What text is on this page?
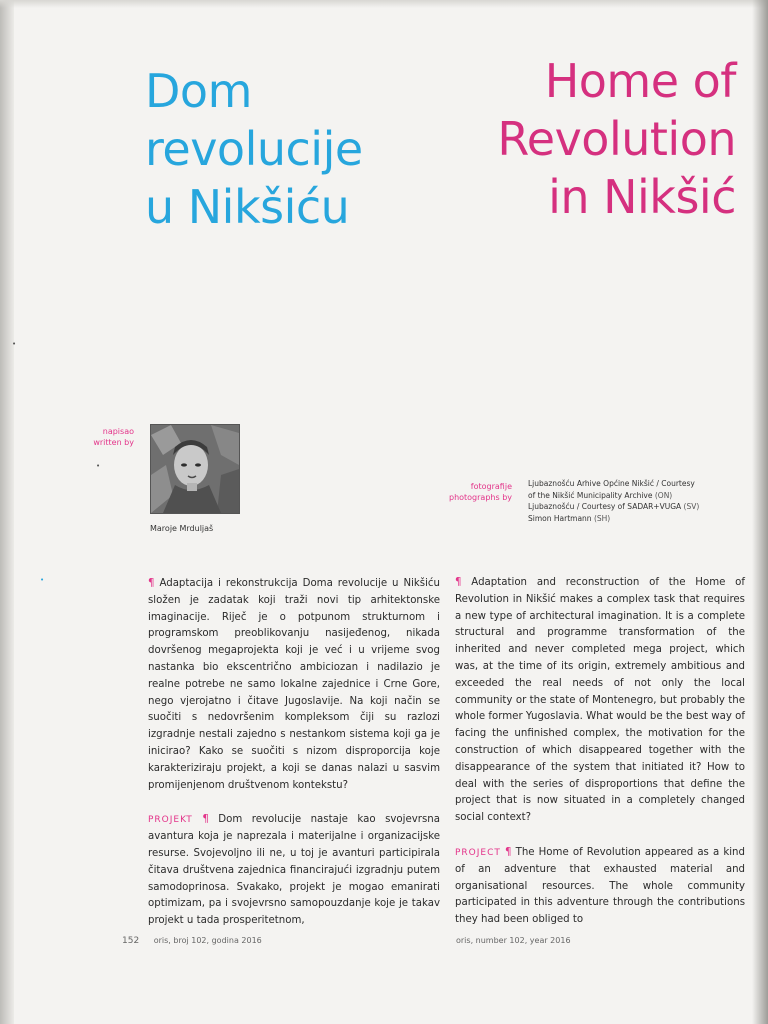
Dom
revolucije
u Nikšiću
Home of
Revolution
in Nikšić
napisao
written by
Maroje Mrduljaš
fotografije
photographs by
Ljubaznošću Arhive Općine Nikšić / Courtesy
of the Nikšić Municipality Archive (ON)
Ljubaznošću / Courtesy of SADAR+VUGA (SV)
Simon Hartmann (SH)

¶ Adaptacija i rekonstrukcija Doma revolucije u Nikšiću složen je zadatak koji traži novi tip arhitektonske imaginacije. Riječ je o potpunom strukturnom i programskom preoblikovanju nasijeđenog, nikada dovršenog megaprojekta koji je već i u vrijeme svog nastanka bio ekscentrično ambiciozan i nadilazio je realne potrebe ne samo lokalne zajednice i Crne Gore, nego vjerojatno i čitave Jugoslavije. Na koji način se suočiti s nedovršenim kompleksom čiji su razlozi izgradnje nestali zajedno s nestankom sistema koji ga je inicirao? Kako se suočiti s nizom disproporcija koje karakteriziraju projekt, a koji se danas nalazi u sasvim promijenjenom društvenom kontekstu?

PROJEKT ¶ Dom revolucije nastaje kao svojevrsna avantura koja je naprezala i materijalne i organizacijske resurse. Svojevoljno ili ne, u toj je avanturi participirala čitava društvena zajednica financirajući izgradnju putem samodoprinosa. Svakako, projekt je mogao emanirati optimizam, pa i svojevrsno samopouzdanje koje je takav projekt u tada prosperitetnom,

¶ Adaptation and reconstruction of the Home of Revolution in Nikšić makes a complex task that requires a new type of architectural imagination. It is a complete structural and programme transformation of the inherited and never completed mega project, which was, at the time of its origin, extremely ambitious and exceeded the real needs of not only the local community or the state of Montenegro, but probably the whole former Yugoslavia. What would be the best way of facing the unfinished complex, the motivation for the construction of which disappeared together with the disappearance of the system that initiated it? How to deal with the series of disproportions that define the project that is now situated in a completely changed social context?

PROJECT ¶ The Home of Revolution appeared as a kind of an adventure that exhausted material and organisational resources. The whole community participated in this adventure through the contributions they had been obliged to

152 oris, broj 102, godina 2016	oris, number 102, year 2016
•
•
•
